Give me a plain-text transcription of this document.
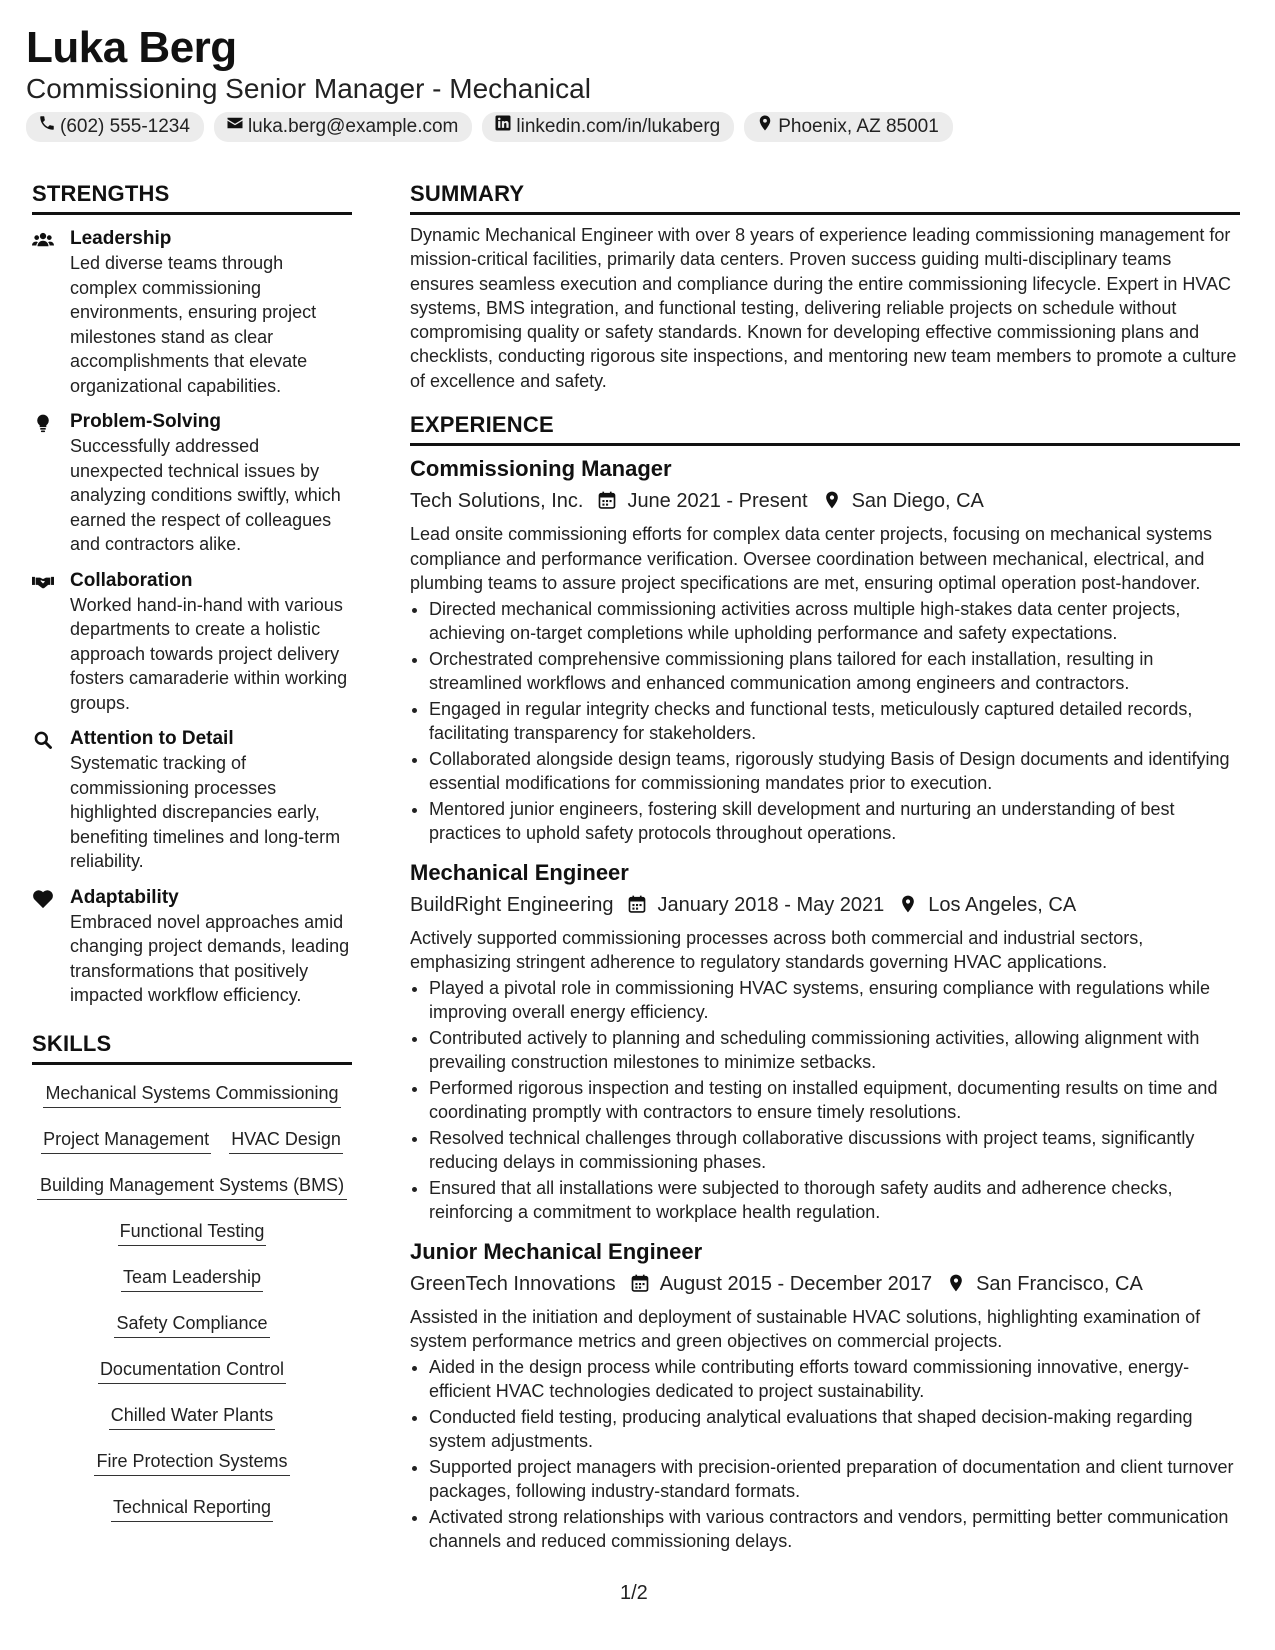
Luka Berg
Commissioning Senior Manager - Mechanical
(602) 555-1234	luka.berg@example.com	linkedin.com/in/lukaberg	Phoenix, AZ 85001
STRENGTHS
Leadership
Led diverse teams through complex commissioning environments, ensuring project milestones stand as clear accomplishments that elevate organizational capabilities.
Problem-Solving
Successfully addressed unexpected technical issues by analyzing conditions swiftly, which earned the respect of colleagues and contractors alike.
Collaboration
Worked hand-in-hand with various departments to create a holistic approach towards project delivery fosters camaraderie within working groups.
Attention to Detail
Systematic tracking of commissioning processes highlighted discrepancies early, benefiting timelines and long-term reliability.
Adaptability
Embraced novel approaches amid changing project demands, leading transformations that positively impacted workflow efficiency.
SKILLS
Mechanical Systems Commissioning
Project Management HVAC Design
Building Management Systems (BMS)
Functional Testing
Team Leadership
Safety Compliance
Documentation Control
Chilled Water Plants
Fire Protection Systems
Technical Reporting
SUMMARY
Dynamic Mechanical Engineer with over 8 years of experience leading commissioning management for mission-critical facilities, primarily data centers. Proven success guiding multi-disciplinary teams ensures seamless execution and compliance during the entire commissioning lifecycle. Expert in HVAC systems, BMS integration, and functional testing, delivering reliable projects on schedule without compromising quality or safety standards. Known for developing effective commissioning plans and checklists, conducting rigorous site inspections, and mentoring new team members to promote a culture of excellence and safety.
EXPERIENCE
Commissioning Manager
Tech Solutions, Inc. June 2021 - Present San Diego, CA
Lead onsite commissioning efforts for complex data center projects, focusing on mechanical systems compliance and performance verification. Oversee coordination between mechanical, electrical, and plumbing teams to assure project specifications are met, ensuring optimal operation post-handover.
• Directed mechanical commissioning activities across multiple high-stakes data center projects, achieving on-target completions while upholding performance and safety expectations.
• Orchestrated comprehensive commissioning plans tailored for each installation, resulting in streamlined workflows and enhanced communication among engineers and contractors.
• Engaged in regular integrity checks and functional tests, meticulously captured detailed records, facilitating transparency for stakeholders.
• Collaborated alongside design teams, rigorously studying Basis of Design documents and identifying essential modifications for commissioning mandates prior to execution.
• Mentored junior engineers, fostering skill development and nurturing an understanding of best practices to uphold safety protocols throughout operations.
Mechanical Engineer
BuildRight Engineering January 2018 - May 2021 Los Angeles, CA
Actively supported commissioning processes across both commercial and industrial sectors, emphasizing stringent adherence to regulatory standards governing HVAC applications.
• Played a pivotal role in commissioning HVAC systems, ensuring compliance with regulations while improving overall energy efficiency.
• Contributed actively to planning and scheduling commissioning activities, allowing alignment with prevailing construction milestones to minimize setbacks.
• Performed rigorous inspection and testing on installed equipment, documenting results on time and coordinating promptly with contractors to ensure timely resolutions.
• Resolved technical challenges through collaborative discussions with project teams, significantly reducing delays in commissioning phases.
• Ensured that all installations were subjected to thorough safety audits and adherence checks, reinforcing a commitment to workplace health regulation.
Junior Mechanical Engineer
GreenTech Innovations August 2015 - December 2017 San Francisco, CA
Assisted in the initiation and deployment of sustainable HVAC solutions, highlighting examination of system performance metrics and green objectives on commercial projects.
• Aided in the design process while contributing efforts toward commissioning innovative, energy-efficient HVAC technologies dedicated to project sustainability.
• Conducted field testing, producing analytical evaluations that shaped decision-making regarding system adjustments.
• Supported project managers with precision-oriented preparation of documentation and client turnover packages, following industry-standard formats.
• Activated strong relationships with various contractors and vendors, permitting better communication channels and reduced commissioning delays.
1/2
